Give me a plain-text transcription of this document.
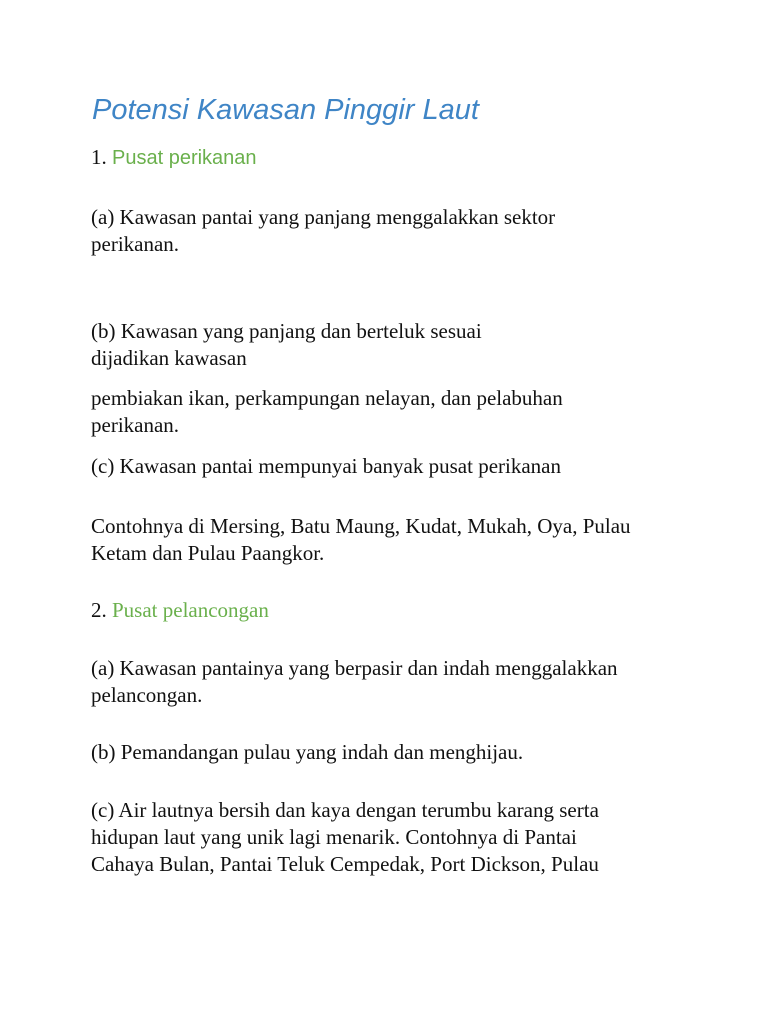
Potensi Kawasan Pinggir Laut
1. Pusat perikanan

(a) Kawasan pantai yang panjang menggalakkan sektor
perikanan.

(b) Kawasan yang panjang dan berteluk sesuai
dijadikan kawasan

pembiakan ikan, perkampungan nelayan, dan pelabuhan
perikanan.

(c) Kawasan pantai mempunyai banyak pusat perikanan

Contohnya di Mersing, Batu Maung, Kudat, Mukah, Oya, Pulau
Ketam dan Pulau Paangkor.

2. Pusat pelancongan

(a) Kawasan pantainya yang berpasir dan indah menggalakkan
pelancongan.

(b) Pemandangan pulau yang indah dan menghijau.

(c) Air lautnya bersih dan kaya dengan terumbu karang serta
hidupan laut yang unik lagi menarik. Contohnya di Pantai
Cahaya Bulan, Pantai Teluk Cempedak, Port Dickson, Pulau
